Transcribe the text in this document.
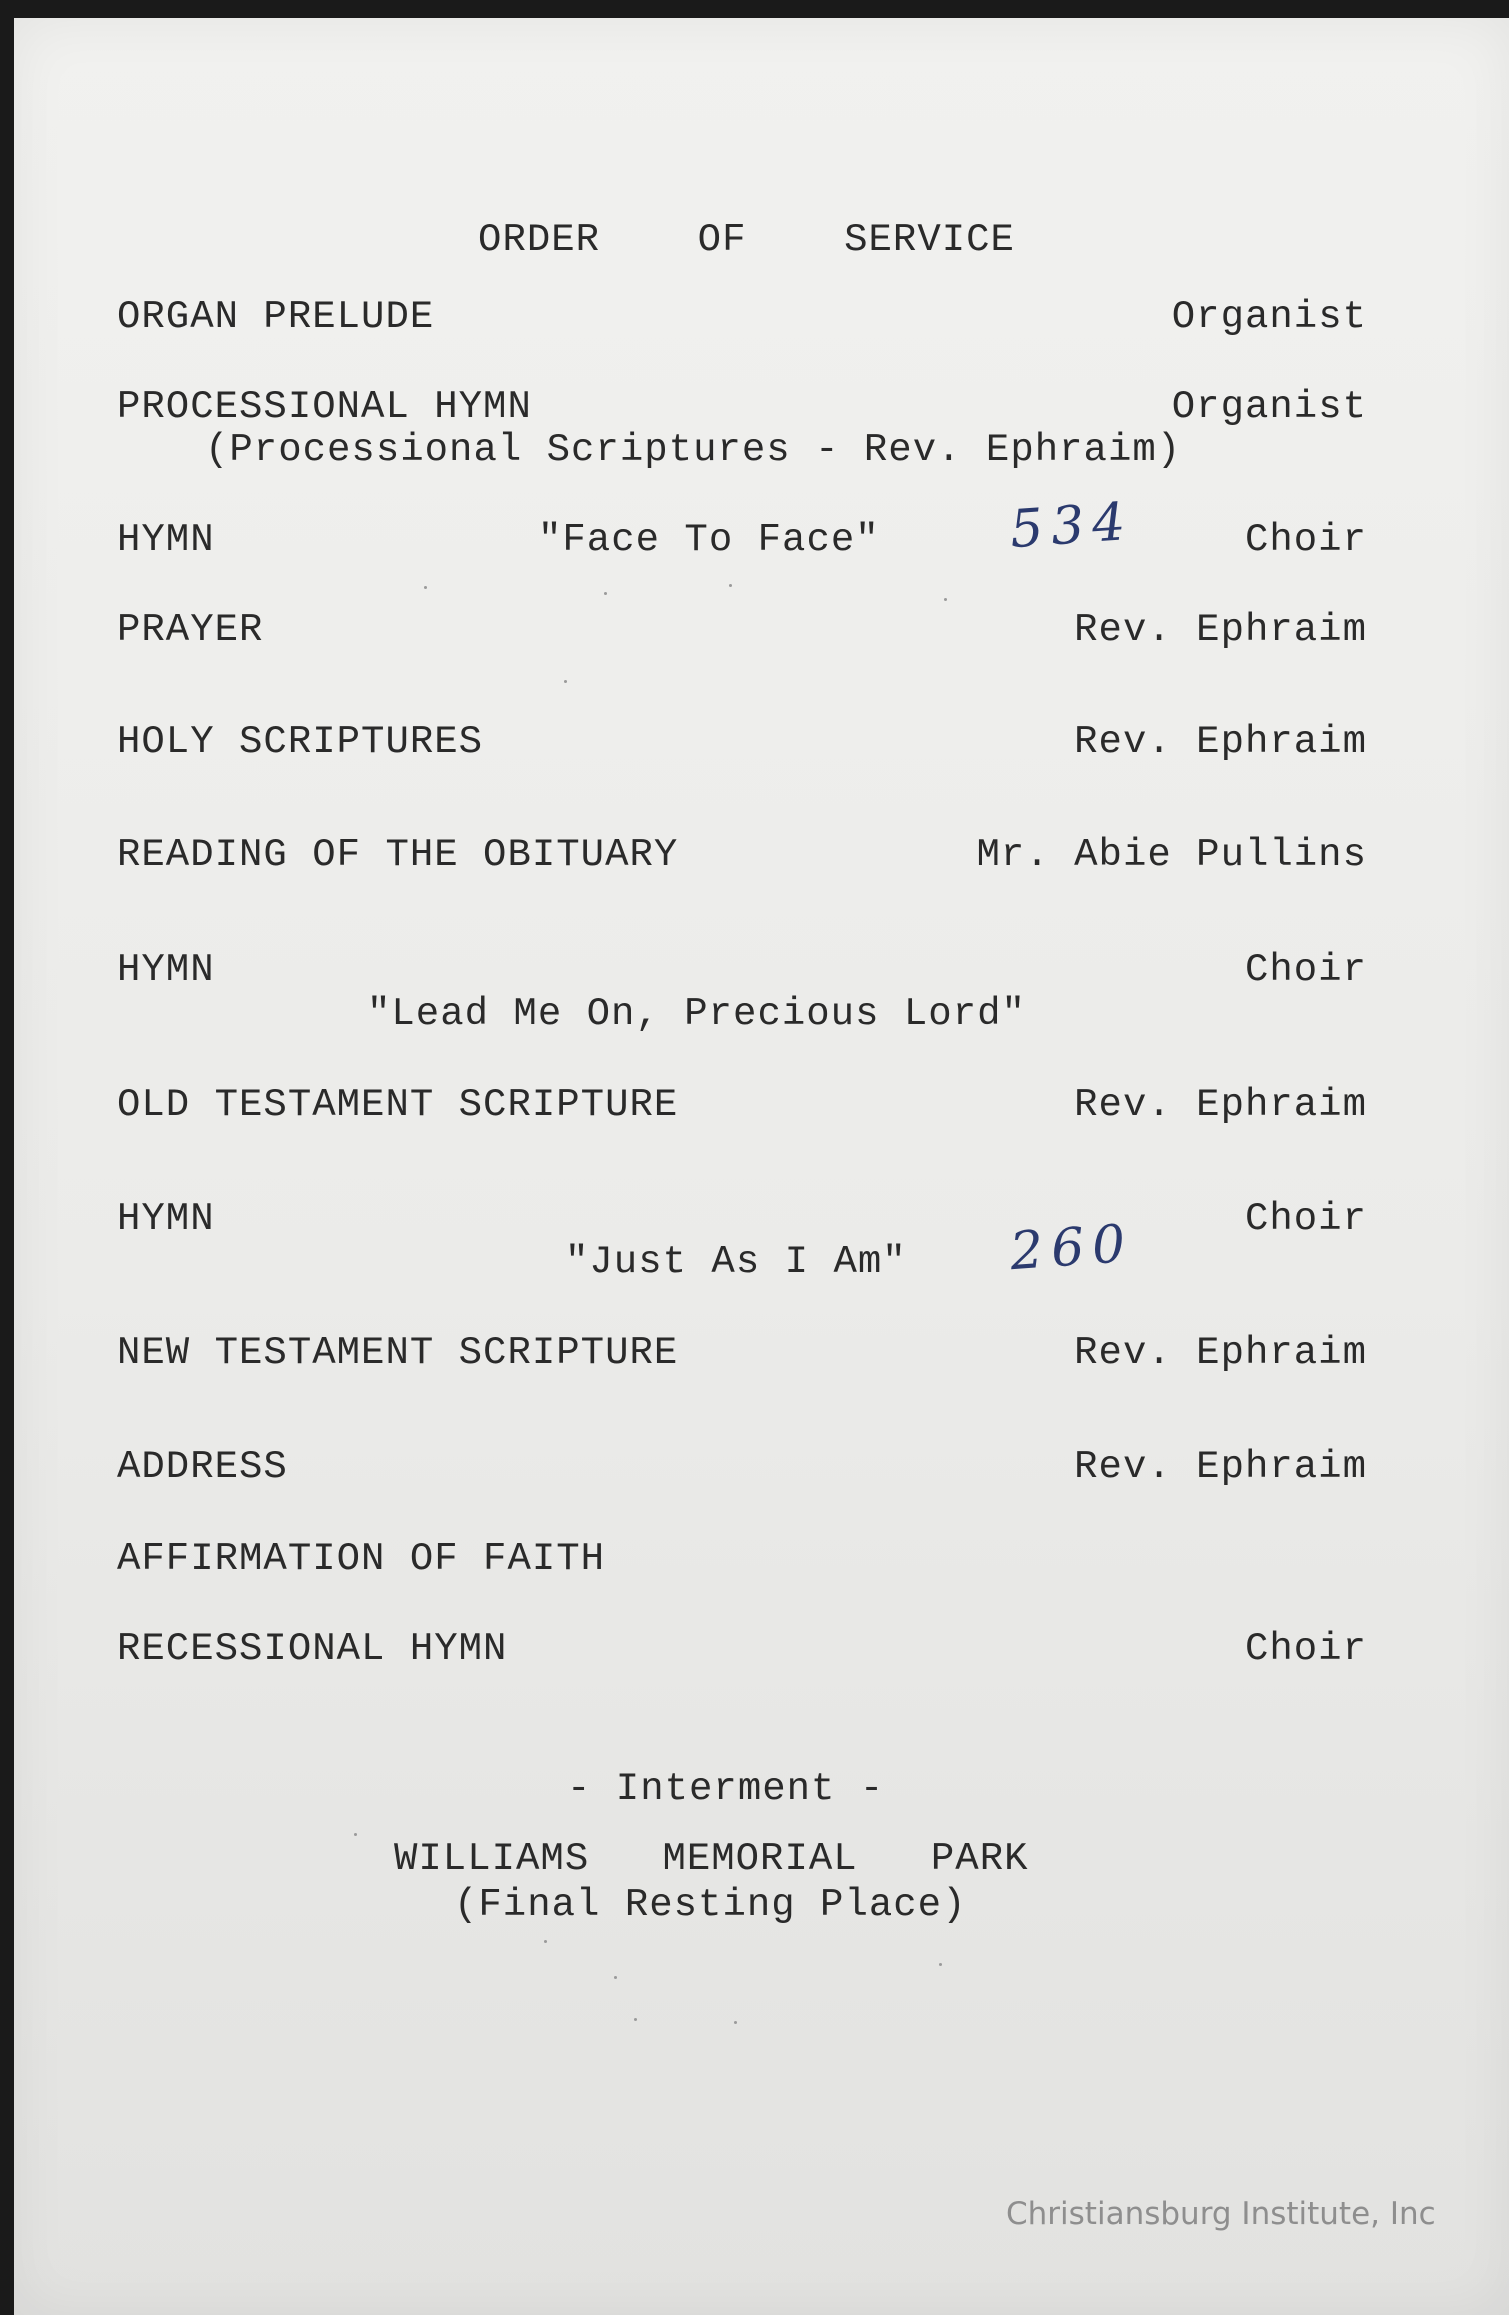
ORDER    OF    SERVICE
ORGAN PRELUDE	Organist
PROCESSIONAL HYMN	Organist
(Processional Scriptures - Rev. Ephraim)
HYMN	"Face To Face" 534	Choir
PRAYER	Rev. Ephraim
HOLY SCRIPTURES	Rev. Ephraim
READING OF THE OBITUARY	Mr. Abie Pullins
HYMN	Choir
"Lead Me On, Precious Lord"
OLD TESTAMENT SCRIPTURE	Rev. Ephraim
HYMN	Choir
"Just As I Am" 260
NEW TESTAMENT SCRIPTURE	Rev. Ephraim
ADDRESS	Rev. Ephraim
AFFIRMATION OF FAITH
RECESSIONAL HYMN	Choir
- Interment -
WILLIAMS   MEMORIAL   PARK
(Final Resting Place)
Christiansburg Institute, Inc
